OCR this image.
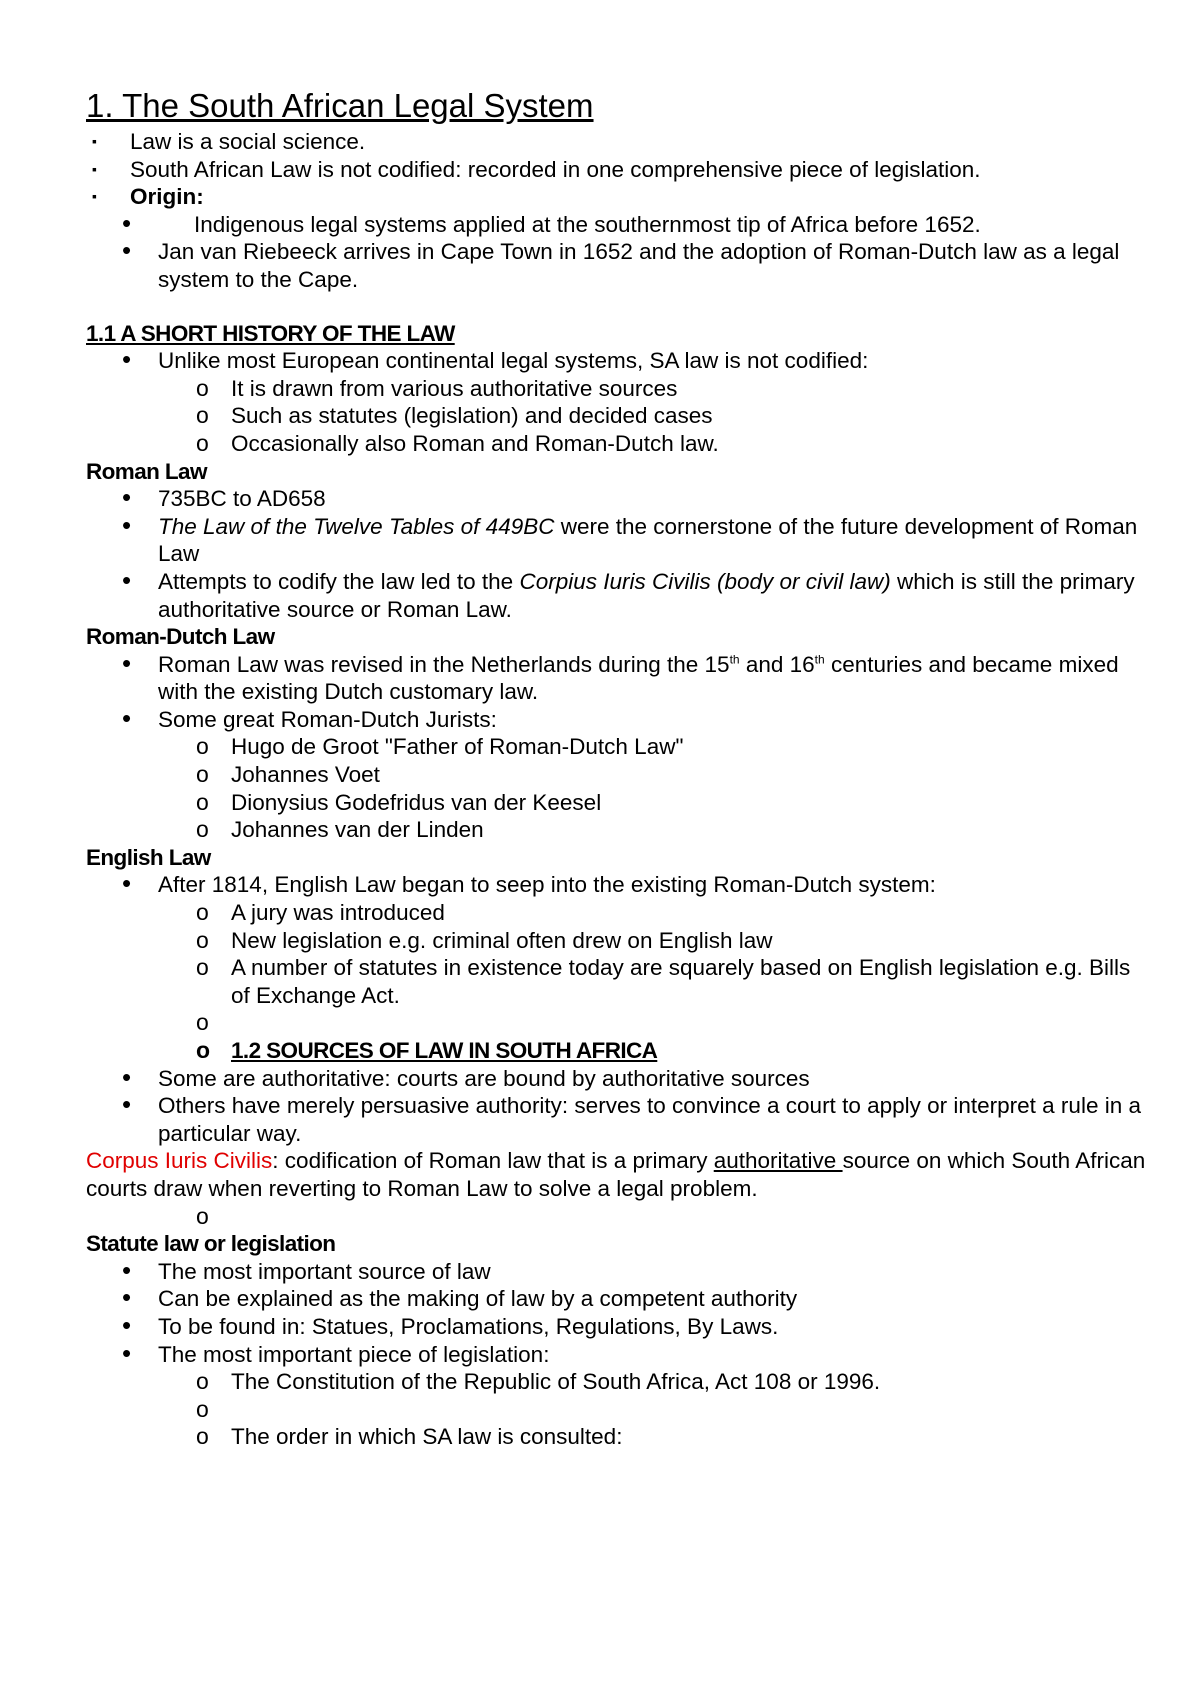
1. The South African Legal System
▪ Law is a social science.
▪ South African Law is not codified: recorded in one comprehensive piece of legislation.
▪ Origin:
•	Indigenous legal systems applied at the southernmost tip of Africa before 1652.
• Jan van Riebeeck arrives in Cape Town in 1652 and the adoption of Roman-Dutch law as a legal system to the Cape.
1.1 A SHORT HISTORY OF THE LAW
• Unlike most European continental legal systems, SA law is not codified:
o It is drawn from various authoritative sources
o Such as statutes (legislation) and decided cases
o Occasionally also Roman and Roman-Dutch law.
Roman Law
• 735BC to AD658
• The Law of the Twelve Tables of 449BC were the cornerstone of the future development of Roman Law
• Attempts to codify the law led to the Corpius Iuris Civilis (body or civil law) which is still the primary authoritative source or Roman Law.
Roman-Dutch Law
• Roman Law was revised in the Netherlands during the 15th and 16th centuries and became mixed with the existing Dutch customary law.
• Some great Roman-Dutch Jurists:
o Hugo de Groot "Father of Roman-Dutch Law"
o Johannes Voet
o Dionysius Godefridus van der Keesel
o Johannes van der Linden
English Law
• After 1814, English Law began to seep into the existing Roman-Dutch system:
o A jury was introduced
o New legislation e.g. criminal often drew on English law
o A number of statutes in existence today are squarely based on English legislation e.g. Bills of Exchange Act.
o

o 1.2 SOURCES OF LAW IN SOUTH AFRICA
• Some are authoritative: courts are bound by authoritative sources
• Others have merely persuasive authority: serves to convince a court to apply or interpret a rule in a particular way.
Corpus Iuris Civilis: codification of Roman law that is a primary authoritative source on which South African courts draw when reverting to Roman Law to solve a legal problem.
o
Statute law or legislation
• The most important source of law
• Can be explained as the making of law by a competent authority
• To be found in: Statues, Proclamations, Regulations, By Laws.
• The most important piece of legislation:
o The Constitution of the Republic of South Africa, Act 108 or 1996.
o

o The order in which SA law is consulted:
